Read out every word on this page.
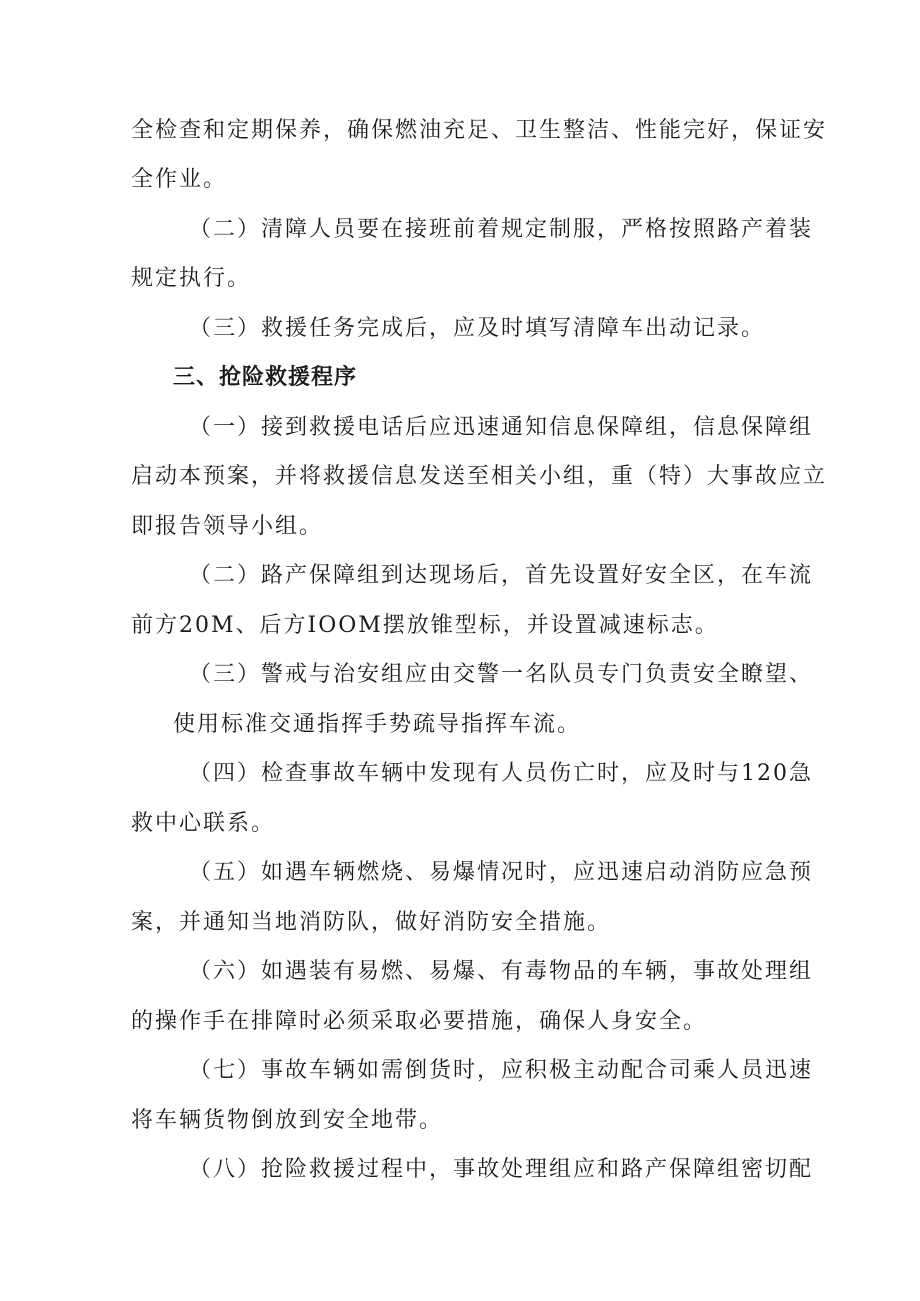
全检查和定期保养，确保燃油充足、卫生整洁、性能完好，保证安
全作业。
（二）清障人员要在接班前着规定制服，严格按照路产着装
规定执行。
（三）救援任务完成后，应及时填写清障车出动记录。
三、抢险救援程序
（一）接到救援电话后应迅速通知信息保障组，信息保障组
启动本预案，并将救援信息发送至相关小组，重（特）大事故应立
即报告领导小组。
（二）路产保障组到达现场后，首先设置好安全区，在车流
前方20M、后方IOOM摆放锥型标，并设置减速标志。
（三）警戒与治安组应由交警一名队员专门负责安全瞭望、
使用标准交通指挥手势疏导指挥车流。
（四）检查事故车辆中发现有人员伤亡时，应及时与120急
救中心联系。
（五）如遇车辆燃烧、易爆情况时，应迅速启动消防应急预
案，并通知当地消防队，做好消防安全措施。
（六）如遇装有易燃、易爆、有毒物品的车辆，事故处理组
的操作手在排障时必须采取必要措施，确保人身安全。
（七）事故车辆如需倒货时，应积极主动配合司乘人员迅速
将车辆货物倒放到安全地带。
（八）抢险救援过程中，事故处理组应和路产保障组密切配
